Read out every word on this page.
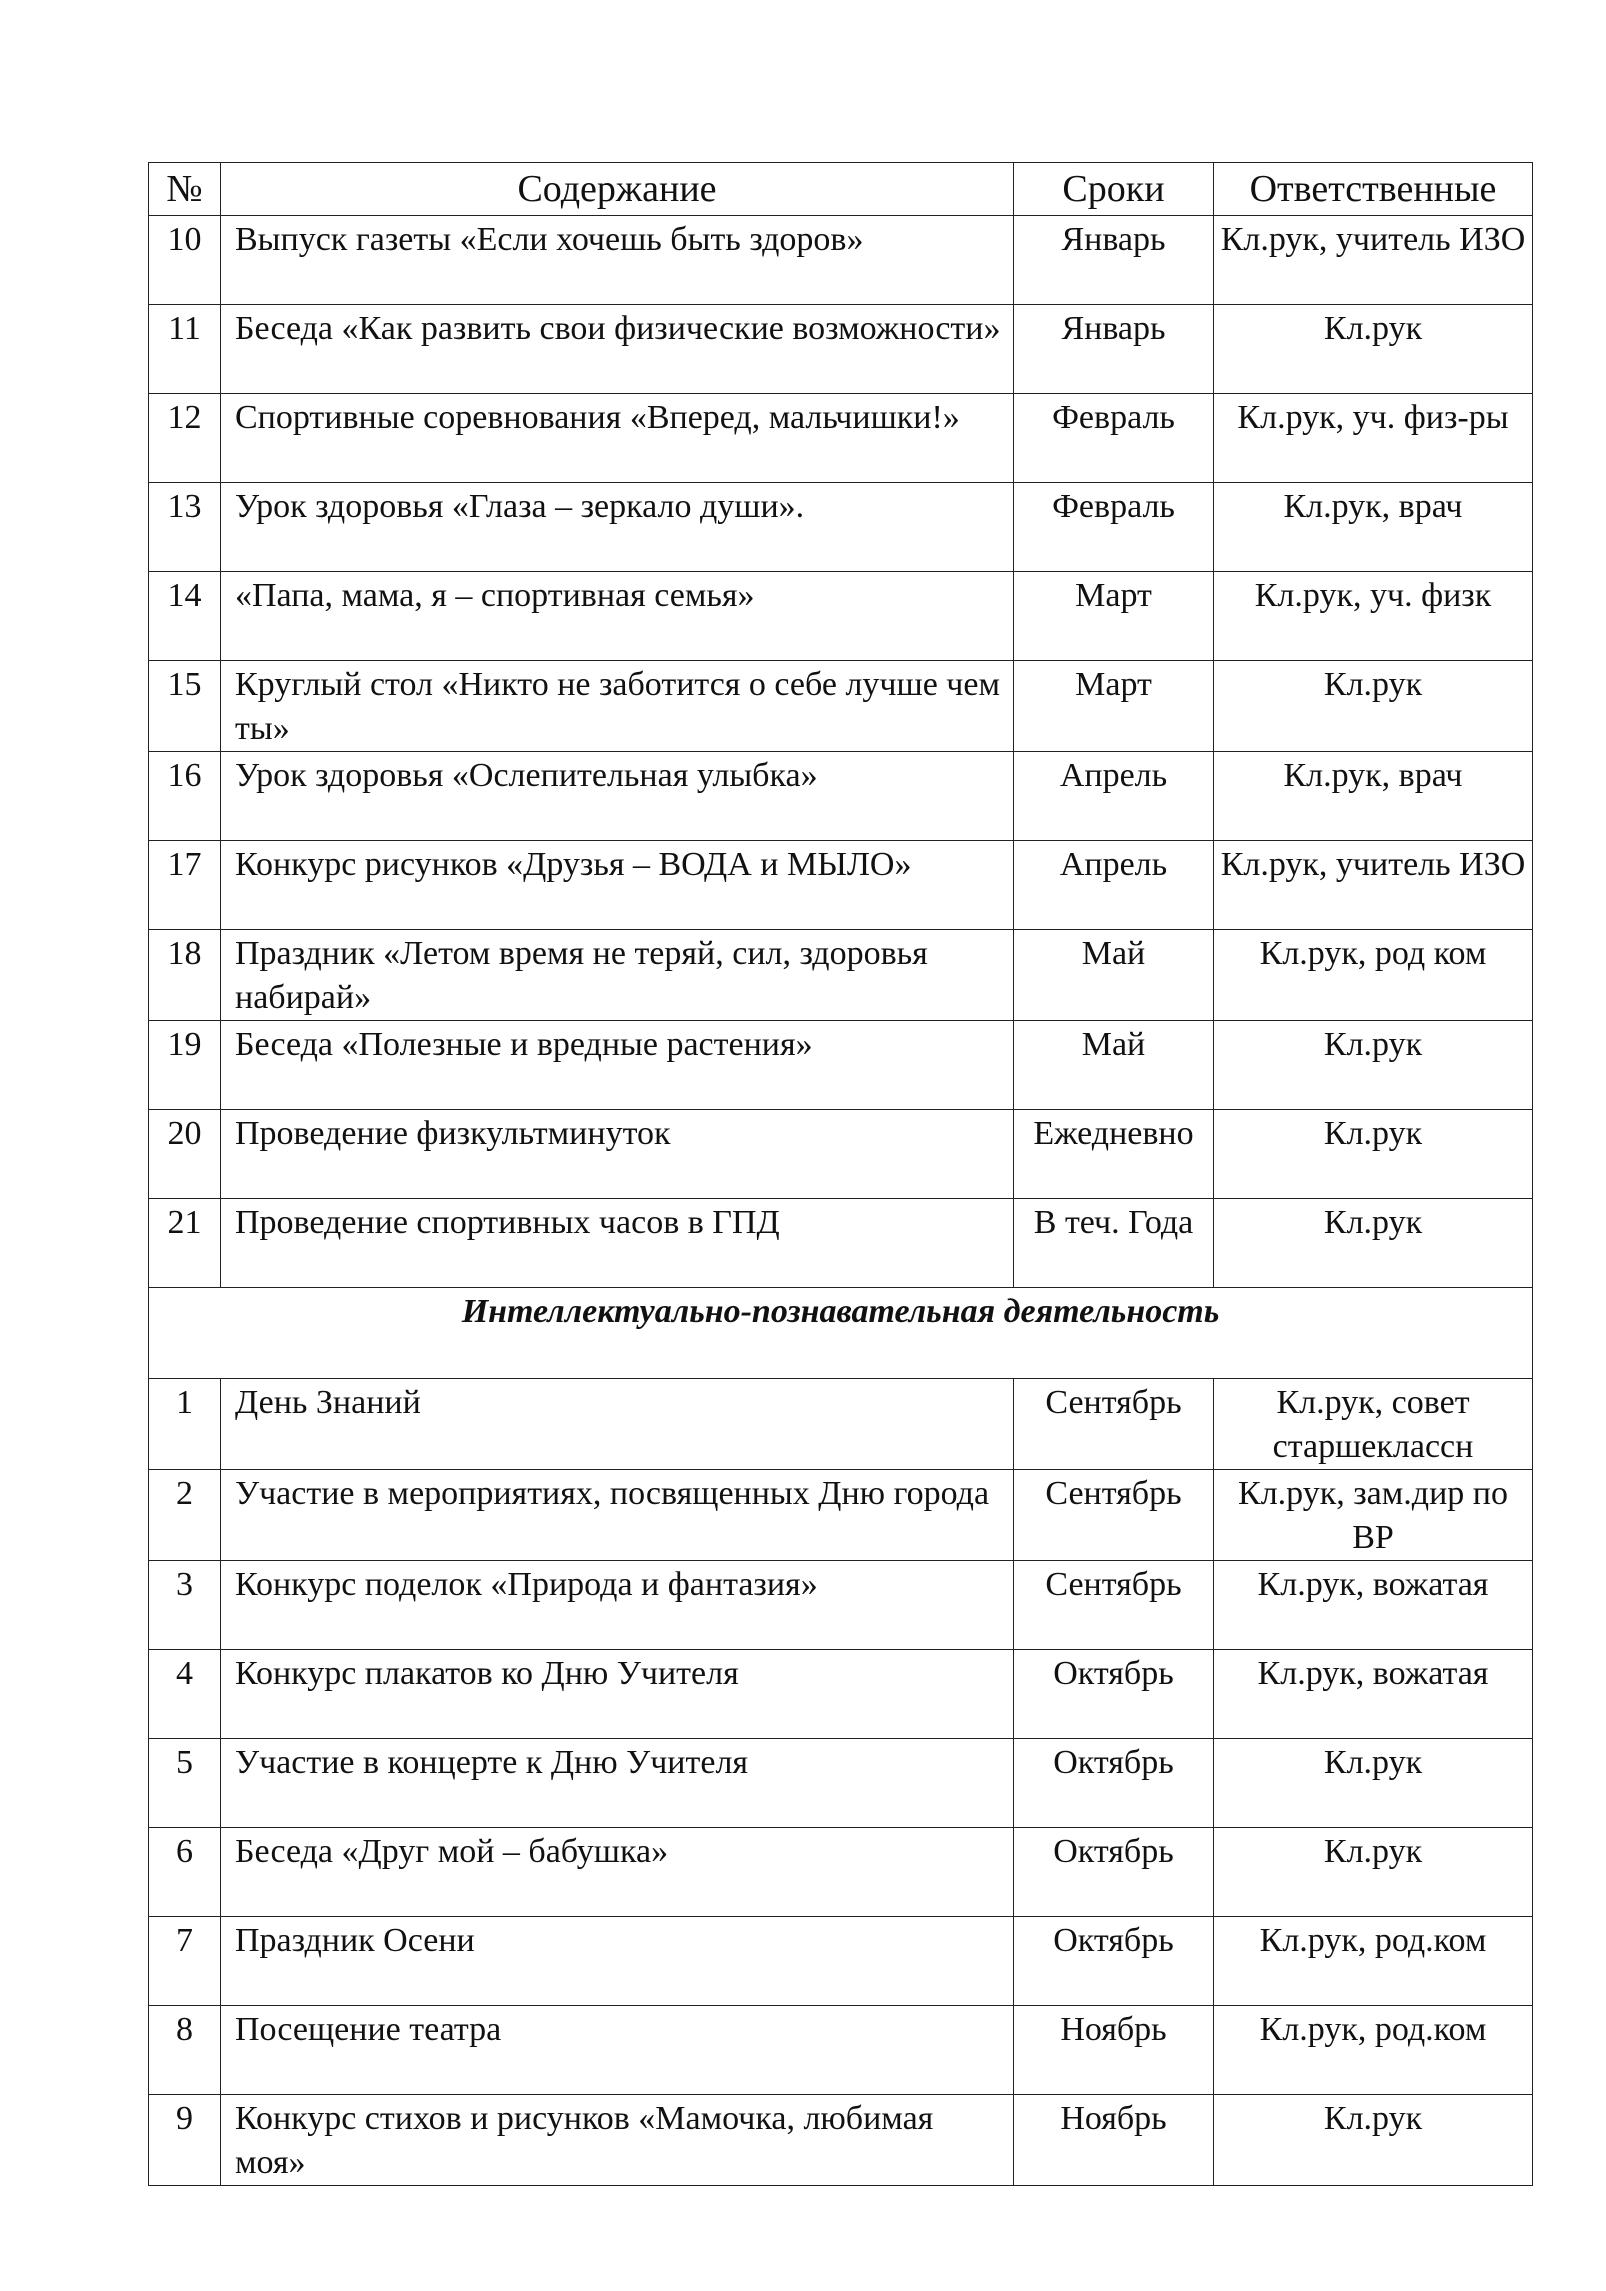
№	Содержание	Сроки	Ответственные
10	Выпуск газеты «Если хочешь быть здоров»	Январь	Кл.рук, учитель ИЗО
11	Беседа «Как развить свои физические возможности»	Январь	Кл.рук
12	Спортивные соревнования «Вперед, мальчишки!»	Февраль	Кл.рук, уч. физ-ры
13	Урок здоровья «Глаза – зеркало души».	Февраль	Кл.рук, врач
14	«Папа, мама, я – спортивная семья»	Март	Кл.рук, уч. физк
15	Круглый стол «Никто не заботится о себе лучше чем ты»	Март	Кл.рук
16	Урок здоровья «Ослепительная улыбка»	Апрель	Кл.рук, врач
17	Конкурс рисунков «Друзья – ВОДА и МЫЛО»	Апрель	Кл.рук, учитель ИЗО
18	Праздник «Летом время не теряй, сил, здоровья набирай»	Май	Кл.рук, род ком
19	Беседа «Полезные и вредные растения»	Май	Кл.рук
20	Проведение физкультминуток	Ежедневно	Кл.рук
21	Проведение спортивных часов в ГПД	В теч. Года	Кл.рук
Интеллектуально-познавательная деятельность			
1	День Знаний	Сентябрь	Кл.рук, совет старшеклассн
2	Участие в мероприятиях, посвященных Дню города	Сентябрь	Кл.рук, зам.дир по ВР
3	Конкурс поделок «Природа и фантазия»	Сентябрь	Кл.рук, вожатая
4	Конкурс плакатов ко Дню Учителя	Октябрь	Кл.рук, вожатая
5	Участие в концерте к Дню Учителя	Октябрь	Кл.рук
6	Беседа «Друг мой – бабушка»	Октябрь	Кл.рук
7	Праздник Осени	Октябрь	Кл.рук, род.ком
8	Посещение театра	Ноябрь	Кл.рук, род.ком
9	Конкурс стихов и рисунков «Мамочка, любимая моя»	Ноябрь	Кл.рук
